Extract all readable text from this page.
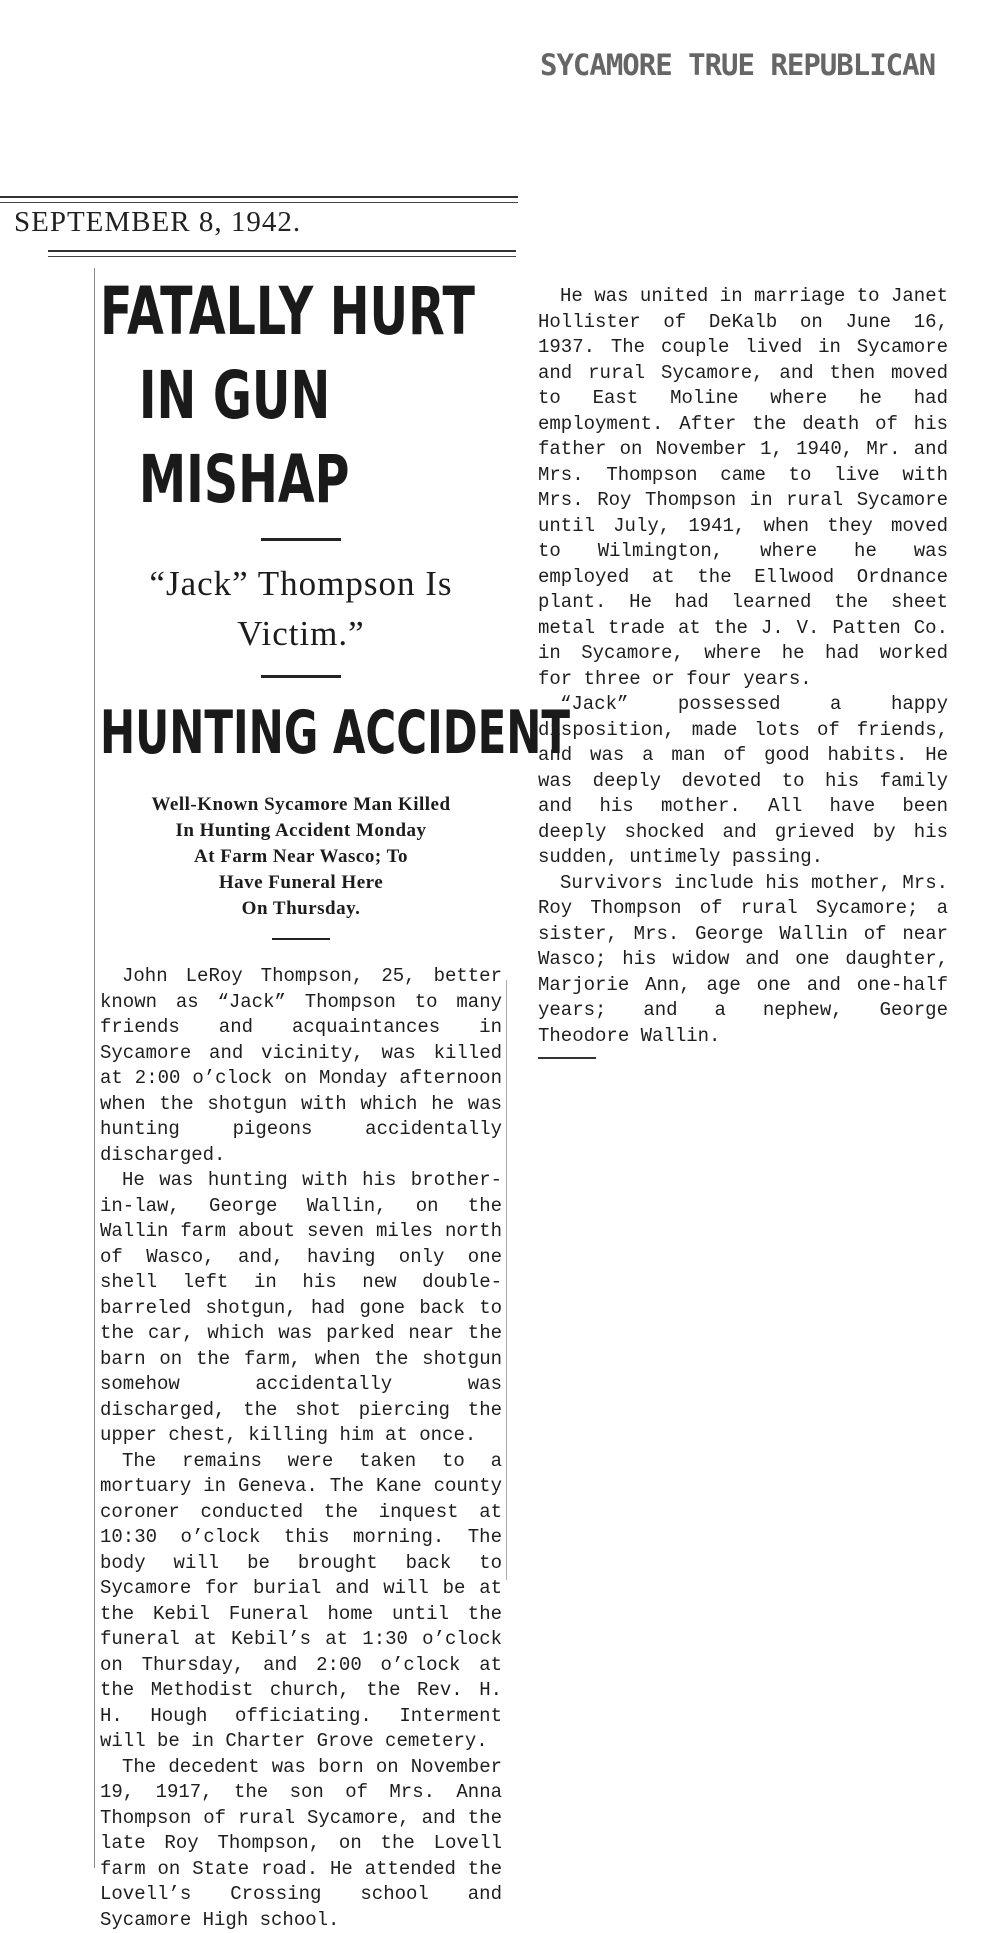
SYCAMORE TRUE REPUBLICAN
SEPTEMBER 8, 1942.
FATALLY HURT
IN GUN MISHAP
“Jack” Thompson Is
Victim.”
HUNTING ACCIDENT
Well-Known Sycamore Man Killed
In Hunting Accident Monday
At Farm Near Wasco; To
Have Funeral Here
On Thursday.

John LeRoy Thompson, 25, better known as “Jack” Thompson to many friends and acquaintances in Sycamore and vicinity, was killed at 2:00 o’clock on Monday afternoon when the shotgun with which he was hunting pigeons accidentally discharged.

He was hunting with his brother-in-law, George Wallin, on the Wallin farm about seven miles north of Wasco, and, having only one shell left in his new double-barreled shotgun, had gone back to the car, which was parked near the barn on the farm, when the shotgun somehow accidentally was discharged, the shot piercing the upper chest, killing him at once.

The remains were taken to a mortuary in Geneva. The Kane county coroner conducted the inquest at 10:30 o’clock this morning. The body will be brought back to Sycamore for burial and will be at the Kebil Funeral home until the funeral at Kebil’s at 1:30 o’clock on Thursday, and 2:00 o’clock at the Methodist church, the Rev. H. H. Hough officiating. Interment will be in Charter Grove cemetery.

The decedent was born on November 19, 1917, the son of Mrs. Anna Thompson of rural Sycamore, and the late Roy Thompson, on the Lovell farm on State road. He attended the Lovell’s Crossing school and Sycamore High school.

He was united in marriage to Janet Hollister of DeKalb on June 16, 1937. The couple lived in Sycamore and rural Sycamore, and then moved to East Moline where he had employment. After the death of his father on November 1, 1940, Mr. and Mrs. Thompson came to live with Mrs. Roy Thompson in rural Sycamore until July, 1941, when they moved to Wilmington, where he was employed at the Ellwood Ordnance plant. He had learned the sheet metal trade at the J. V. Patten Co. in Sycamore, where he had worked for three or four years.

“Jack” possessed a happy disposition, made lots of friends, and was a man of good habits. He was deeply devoted to his family and his mother. All have been deeply shocked and grieved by his sudden, untimely passing.

Survivors include his mother, Mrs. Roy Thompson of rural Sycamore; a sister, Mrs. George Wallin of near Wasco; his widow and one daughter, Marjorie Ann, age one and one-half years; and a nephew, George Theodore Wallin.
